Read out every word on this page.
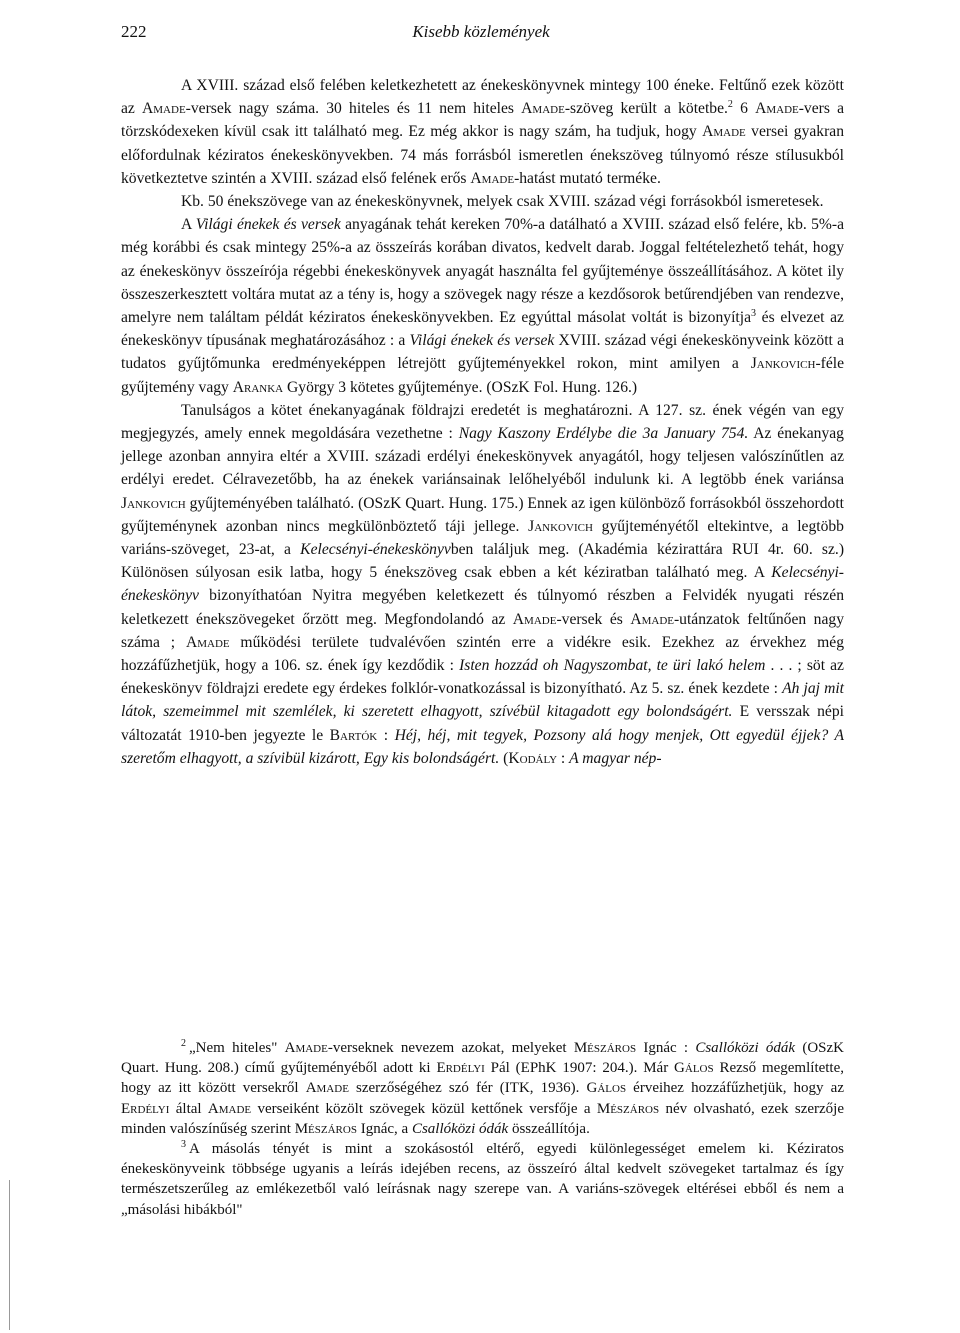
222	Kisebb közlemények

A XVIII. század első felében keletkezhetett az énekeskönyvnek mintegy 100 éneke. Feltűnő ezek között az Amade-versek nagy száma. 30 hiteles és 11 nem hiteles Amade-szöveg került a kötetbe.$^2$ 6 Amade-vers a törzskódexeken kívül csak itt található meg. Ez még akkor is nagy szám, ha tudjuk, hogy Amade versei gyakran előfordulnak kéziratos énekeskönyvekben. 74 más forrásból ismeretlen énekszöveg túlnyomó része stílusukból következtetve szintén a XVIII. század első felének erős Amade-hatást mutató terméke.

Kb. 50 énekszövege van az énekeskönyvnek, melyek csak XVIII. század végi forrásokból ismeretesek.

A Világi énekek és versek anyagának tehát kereken 70%-a datálható a XVIII. század első felére, kb. 5%-a még korábbi és csak mintegy 25%-a az összeírás korában divatos, kedvelt darab. Joggal feltételezhető tehát, hogy az énekeskönyv összeírója régebbi énekeskönyvek anyagát használta fel gyűjteménye összeállításához. A kötet ily összeszerkesztett voltára mutat az a tény is, hogy a szövegek nagy része a kezdősorok betűrendjében van rendezve, amelyre nem találtam példát kéziratos énekeskönyvekben. Ez egyúttal másolat voltát is bizonyítja$^3$ és elvezet az énekeskönyv típusának meghatározásához : a Világi énekek és versek XVIII. század végi énekeskönyveink között a tudatos gyűjtőmunka eredményeképpen létrejött gyűjteményekkel rokon, mint amilyen a Jankovich-féle gyűjtemény vagy Aranka György 3 kötetes gyűjteménye. (OSzK Fol. Hung. 126.)

Tanulságos a kötet énekanyagának földrajzi eredetét is meghatározni. A 127. sz. ének végén van egy megjegyzés, amely ennek megoldására vezethetne : Nagy Kaszony Erdélybe die 3a January 754. Az énekanyag jellege azonban annyira eltér a XVIII. századi erdélyi énekeskönyvek anyagától, hogy teljesen valószínűtlen az erdélyi eredet. Célravezetőbb, ha az énekek variánsainak lelőhelyéből indulunk ki. A legtöbb ének variánsa Jankovich gyűjteményében található. (OSzK Quart. Hung. 175.) Ennek az igen különböző forrásokból összehordott gyűjteménynek azonban nincs megkülönböztető táji jellege. Jankovich gyűjteményétől eltekintve, a legtöbb variáns-szöveget, 23-at, a Kelecsényi-énekeskönyvben találjuk meg. (Akadémia kézirattára RUI 4r. 60. sz.) Különösen súlyosan esik latba, hogy 5 énekszöveg csak ebben a két kéziratban található meg. A Kelecsényi-énekeskönyv bizonyíthatóan Nyitra megyében keletkezett és túlnyomó részben a Felvidék nyugati részén keletkezett énekszövegeket őrzött meg. Megfondolandó az Amade-versek és Amade-utánzatok feltűnően nagy száma ; Amade működési területe tudvalévően szintén erre a vidékre esik. Ezekhez az érvekhez még hozzáfűzhetjük, hogy a 106. sz. ének így kezdődik : Isten hozzád oh Nagyszombat, te üri lakó helem . . . ; söt az énekeskönyv földrajzi eredete egy érdekes folklór-vonatkozással is bizonyítható. Az 5. sz. ének kezdete : Ah jaj mit látok, szemeimmel mit szemlélek, ki szeretett elhagyott, szívébül kitagadott egy bolondságért. E versszak népi változatát 1910-ben jegyezte le Bartók : Héj, héj, mit tegyek, Pozsony alá hogy menjek, Ott egyedül éjjek? A szeretőm elhagyott, a szívibül kizárott, Egy kis bolondságért. (Kodály : A magyar nép-

$^2$ „Nem hiteles" Amade-verseknek nevezem azokat, melyeket Mészáros Ignác : Csallóközi ódák (OSzK Quart. Hung. 208.) című gyűjteményéből adott ki Erdélyi Pál (EPhK 1907: 204.). Már Gálos Rezső megemlítette, hogy az itt között versekről Amade szerzőségéhez szó fér (ITK, 1936). Gálos érveihez hozzáfűzhetjük, hogy az Erdélyi által Amade verseiként közölt szövegek közül kettőnek versfője a Mészáros név olvasható, ezek szerzője minden valószínűség szerint Mészáros Ignác, a Csallóközi ódák összeállítója.

$^3$ A másolás tényét is mint a szokásostól eltérő, egyedi különlegességet emelem ki. Kéziratos énekeskönyveink többsége ugyanis a leírás idejében recens, az összeíró által kedvelt szövegeket tartalmaz és így természetszerűleg az emlékezetből való leírásnak nagy szerepe van. A variáns-szövegek eltérései ebből és nem a „másolási hibákból"
